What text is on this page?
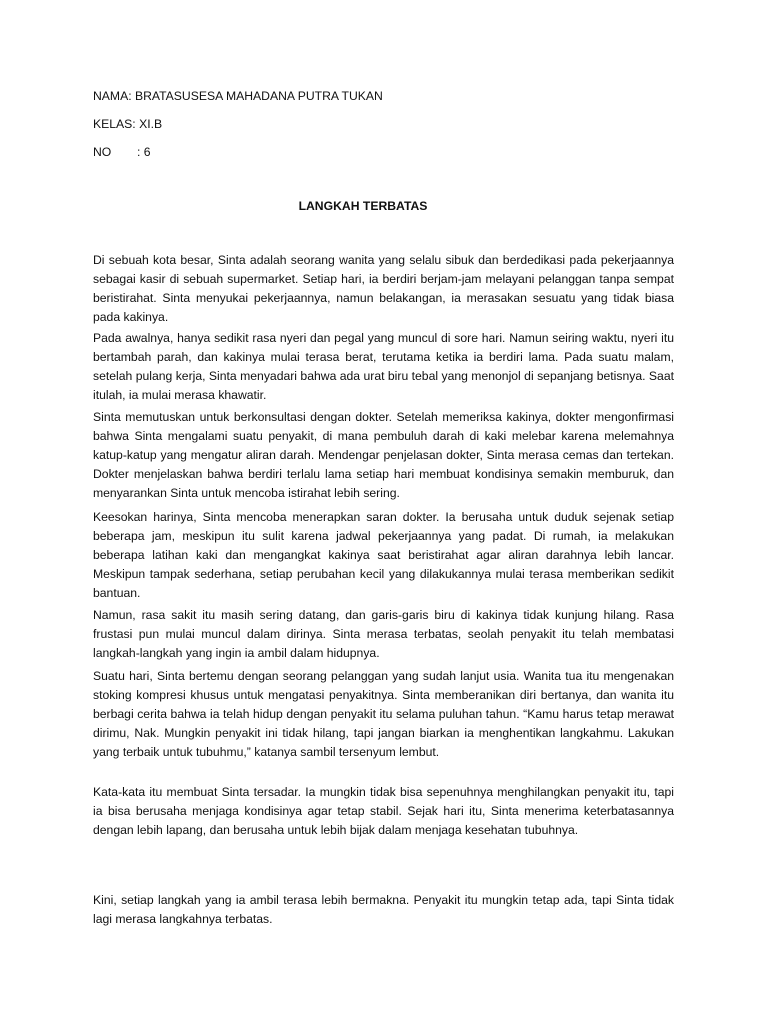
NAMA: BRATASUSESA MAHADANA PUTRA TUKAN
KELAS: XI.B
NO : 6
LANGKAH TERBATAS

Di sebuah kota besar, Sinta adalah seorang wanita yang selalu sibuk dan berdedikasi pada pekerjaannya sebagai kasir di sebuah supermarket. Setiap hari, ia berdiri berjam-jam melayani pelanggan tanpa sempat beristirahat. Sinta menyukai pekerjaannya, namun belakangan, ia merasakan sesuatu yang tidak biasa pada kakinya.

Pada awalnya, hanya sedikit rasa nyeri dan pegal yang muncul di sore hari. Namun seiring waktu, nyeri itu bertambah parah, dan kakinya mulai terasa berat, terutama ketika ia berdiri lama. Pada suatu malam, setelah pulang kerja, Sinta menyadari bahwa ada urat biru tebal yang menonjol di sepanjang betisnya. Saat itulah, ia mulai merasa khawatir.

Sinta memutuskan untuk berkonsultasi dengan dokter. Setelah memeriksa kakinya, dokter mengonfirmasi bahwa Sinta mengalami suatu penyakit, di mana pembuluh darah di kaki melebar karena melemahnya katup-katup yang mengatur aliran darah. Mendengar penjelasan dokter, Sinta merasa cemas dan tertekan. Dokter menjelaskan bahwa berdiri terlalu lama setiap hari membuat kondisinya semakin memburuk, dan menyarankan Sinta untuk mencoba istirahat lebih sering.

Keesokan harinya, Sinta mencoba menerapkan saran dokter. Ia berusaha untuk duduk sejenak setiap beberapa jam, meskipun itu sulit karena jadwal pekerjaannya yang padat. Di rumah, ia melakukan beberapa latihan kaki dan mengangkat kakinya saat beristirahat agar aliran darahnya lebih lancar. Meskipun tampak sederhana, setiap perubahan kecil yang dilakukannya mulai terasa memberikan sedikit bantuan.

Namun, rasa sakit itu masih sering datang, dan garis-garis biru di kakinya tidak kunjung hilang. Rasa frustasi pun mulai muncul dalam dirinya. Sinta merasa terbatas, seolah penyakit itu telah membatasi langkah-langkah yang ingin ia ambil dalam hidupnya.

Suatu hari, Sinta bertemu dengan seorang pelanggan yang sudah lanjut usia. Wanita tua itu mengenakan stoking kompresi khusus untuk mengatasi penyakitnya. Sinta memberanikan diri bertanya, dan wanita itu berbagi cerita bahwa ia telah hidup dengan penyakit itu selama puluhan tahun. “Kamu harus tetap merawat dirimu, Nak. Mungkin penyakit ini tidak hilang, tapi jangan biarkan ia menghentikan langkahmu. Lakukan yang terbaik untuk tubuhmu,” katanya sambil tersenyum lembut.

Kata-kata itu membuat Sinta tersadar. Ia mungkin tidak bisa sepenuhnya menghilangkan penyakit itu, tapi ia bisa berusaha menjaga kondisinya agar tetap stabil. Sejak hari itu, Sinta menerima keterbatasannya dengan lebih lapang, dan berusaha untuk lebih bijak dalam menjaga kesehatan tubuhnya.

Kini, setiap langkah yang ia ambil terasa lebih bermakna. Penyakit itu mungkin tetap ada, tapi Sinta tidak lagi merasa langkahnya terbatas.
